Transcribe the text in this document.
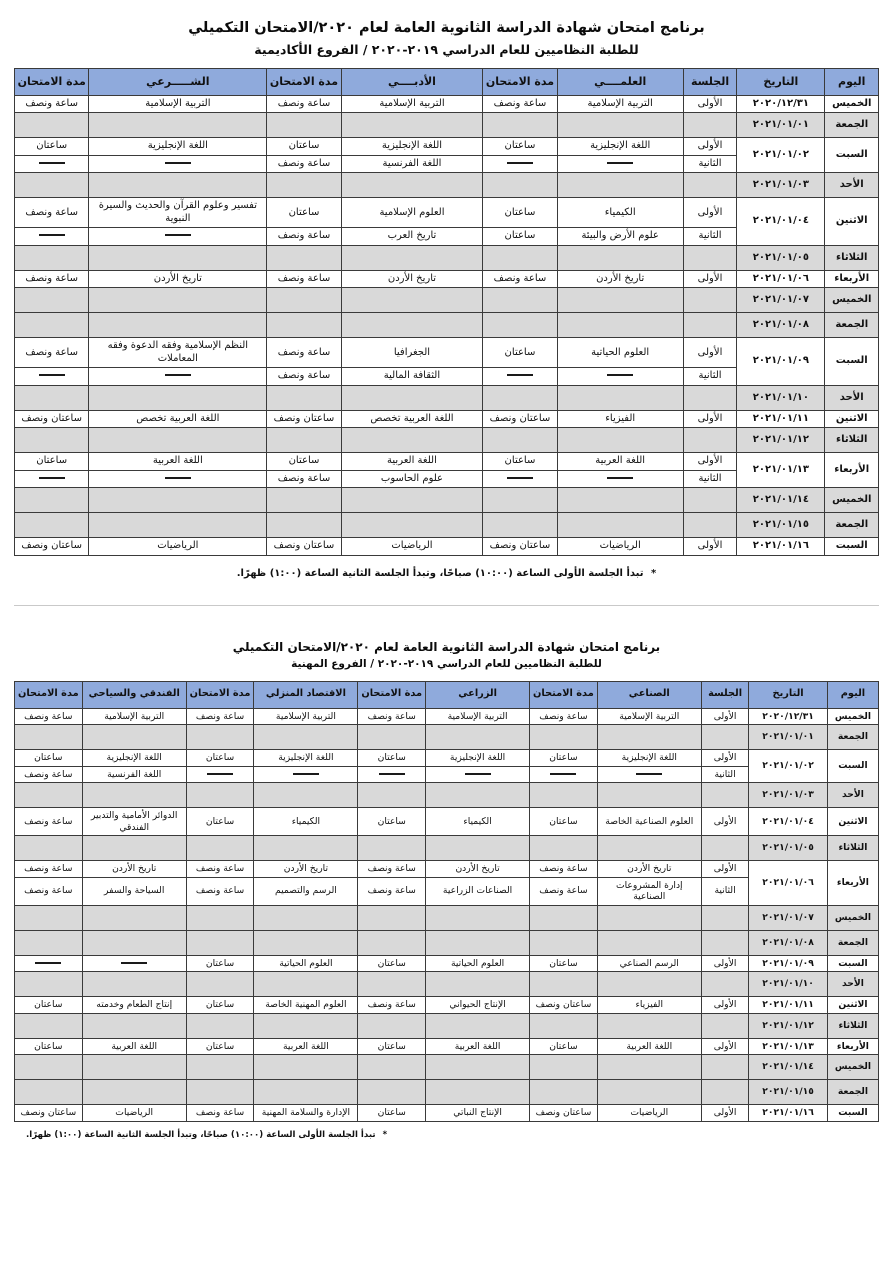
برنامج امتحان شهادة الدراسة الثانوية العامة لعام ٢٠٢٠/الامتحان التكميلي
للطلبة النظاميين للعام الدراسي ٢٠١٩-٢٠٢٠ / الفروع الأكاديمية
اليوم	التاريخ	الجلسة	العلمــــي	مدة الامتحان	الأدبــــي	مدة الامتحان	الشـــــرعي	مدة الامتحان
الخميس	٢٠٢٠/١٢/٣١	الأولى	التربية الإسلامية	ساعة ونصف	التربية الإسلامية	ساعة ونصف	التربية الإسلامية	ساعة ونصف
الجمعة	٢٠٢١/٠١/٠١							
السبت	٢٠٢١/٠١/٠٢	الأولى	اللغة الإنجليزية	ساعتان	اللغة الإنجليزية	ساعتان	اللغة الإنجليزية	ساعتان
		الثانية			اللغة الفرنسية	ساعة ونصف		
الأحد	٢٠٢١/٠١/٠٣							
الاثنين	٢٠٢١/٠١/٠٤	الأولى	الكيمياء	ساعتان	العلوم الإسلامية	ساعتان	تفسير وعلوم القرآن والحديث والسيرة النبوية	ساعة ونصف
		الثانية	علوم الأرض والبيئة	ساعتان	تاريخ العرب	ساعة ونصف		
الثلاثاء	٢٠٢١/٠١/٠٥							
الأربعاء	٢٠٢١/٠١/٠٦	الأولى	تاريخ الأردن	ساعة ونصف	تاريخ الأردن	ساعة ونصف	تاريخ الأردن	ساعة ونصف
الخميس	٢٠٢١/٠١/٠٧							
الجمعة	٢٠٢١/٠١/٠٨							
السبت	٢٠٢١/٠١/٠٩	الأولى	العلوم الحياتية	ساعتان	الجغرافيا	ساعة ونصف	النظم الإسلامية وفقه الدعوة وفقه المعاملات	ساعة ونصف
		الثانية			الثقافة المالية	ساعة ونصف		
الأحد	٢٠٢١/٠١/١٠							
الاثنين	٢٠٢١/٠١/١١	الأولى	الفيزياء	ساعتان ونصف	اللغة العربية تخصص	ساعتان ونصف	اللغة العربية تخصص	ساعتان ونصف
الثلاثاء	٢٠٢١/٠١/١٢							
الأربعاء	٢٠٢١/٠١/١٣	الأولى	اللغة العربية	ساعتان	اللغة العربية	ساعتان	اللغة العربية	ساعتان
		الثانية			علوم الحاسوب	ساعة ونصف		
الخميس	٢٠٢١/٠١/١٤							
الجمعة	٢٠٢١/٠١/١٥							
السبت	٢٠٢١/٠١/١٦	الأولى	الرياضيات	ساعتان ونصف	الرياضيات	ساعتان ونصف	الرياضيات	ساعتان ونصف
* تبدأ الجلسة الأولى الساعة (١٠:٠٠) صباحًا، وتبدأ الجلسة الثانية الساعة (١:٠٠) ظهرًا.
برنامج امتحان شهادة الدراسة الثانوية العامة لعام ٢٠٢٠/الامتحان التكميلي
للطلبة النظاميين للعام الدراسي ٢٠١٩-٢٠٢٠ / الفروع المهنية
اليوم	التاريخ	الجلسة	الصناعي	مدة الامتحان	الزراعي	مدة الامتحان	الاقتصاد المنزلي	مدة الامتحان	الفندقي والسياحي	مدة الامتحان
الخميس	٢٠٢٠/١٢/٣١	الأولى	التربية الإسلامية	ساعة ونصف	التربية الإسلامية	ساعة ونصف	التربية الإسلامية	ساعة ونصف	التربية الإسلامية	ساعة ونصف
الجمعة	٢٠٢١/٠١/٠١									
السبت	٢٠٢١/٠١/٠٢	الأولى	اللغة الإنجليزية	ساعتان	اللغة الإنجليزية	ساعتان	اللغة الإنجليزية	ساعتان	اللغة الإنجليزية	ساعتان
		الثانية							اللغة الفرنسية	ساعة ونصف
الأحد	٢٠٢١/٠١/٠٣									
الاثنين	٢٠٢١/٠١/٠٤	الأولى	العلوم الصناعية الخاصة	ساعتان	الكيمياء	ساعتان	الكيمياء	ساعتان	الدوائر الأمامية والتدبير الفندقي	ساعة ونصف
الثلاثاء	٢٠٢١/٠١/٠٥									
الأربعاء	٢٠٢١/٠١/٠٦	الأولى	تاريخ الأردن	ساعة ونصف	تاريخ الأردن	ساعة ونصف	تاريخ الأردن	ساعة ونصف	تاريخ الأردن	ساعة ونصف
		الثانية	إدارة المشروعات الصناعية	ساعة ونصف	الصناعات الزراعية	ساعة ونصف	الرسم والتصميم	ساعة ونصف	السياحة والسفر	ساعة ونصف
الخميس	٢٠٢١/٠١/٠٧									
الجمعة	٢٠٢١/٠١/٠٨									
السبت	٢٠٢١/٠١/٠٩	الأولى	الرسم الصناعي	ساعتان	العلوم الحياتية	ساعتان	العلوم الحياتية	ساعتان		
الأحد	٢٠٢١/٠١/١٠									
الاثنين	٢٠٢١/٠١/١١	الأولى	الفيزياء	ساعتان ونصف	الإنتاج الحيواني	ساعة ونصف	العلوم المهنية الخاصة	ساعتان	إنتاج الطعام وخدمته	ساعتان
الثلاثاء	٢٠٢١/٠١/١٢									
الأربعاء	٢٠٢١/٠١/١٣	الأولى	اللغة العربية	ساعتان	اللغة العربية	ساعتان	اللغة العربية	ساعتان	اللغة العربية	ساعتان
الخميس	٢٠٢١/٠١/١٤									
الجمعة	٢٠٢١/٠١/١٥									
السبت	٢٠٢١/٠١/١٦	الأولى	الرياضيات	ساعتان ونصف	الإنتاج النباتي	ساعتان	الإدارة والسلامة المهنية	ساعة ونصف	الرياضيات	ساعتان ونصف
* تبدأ الجلسة الأولى الساعة (١٠:٠٠) صباحًا، وتبدأ الجلسة الثانية الساعة (١:٠٠) ظهرًا.
